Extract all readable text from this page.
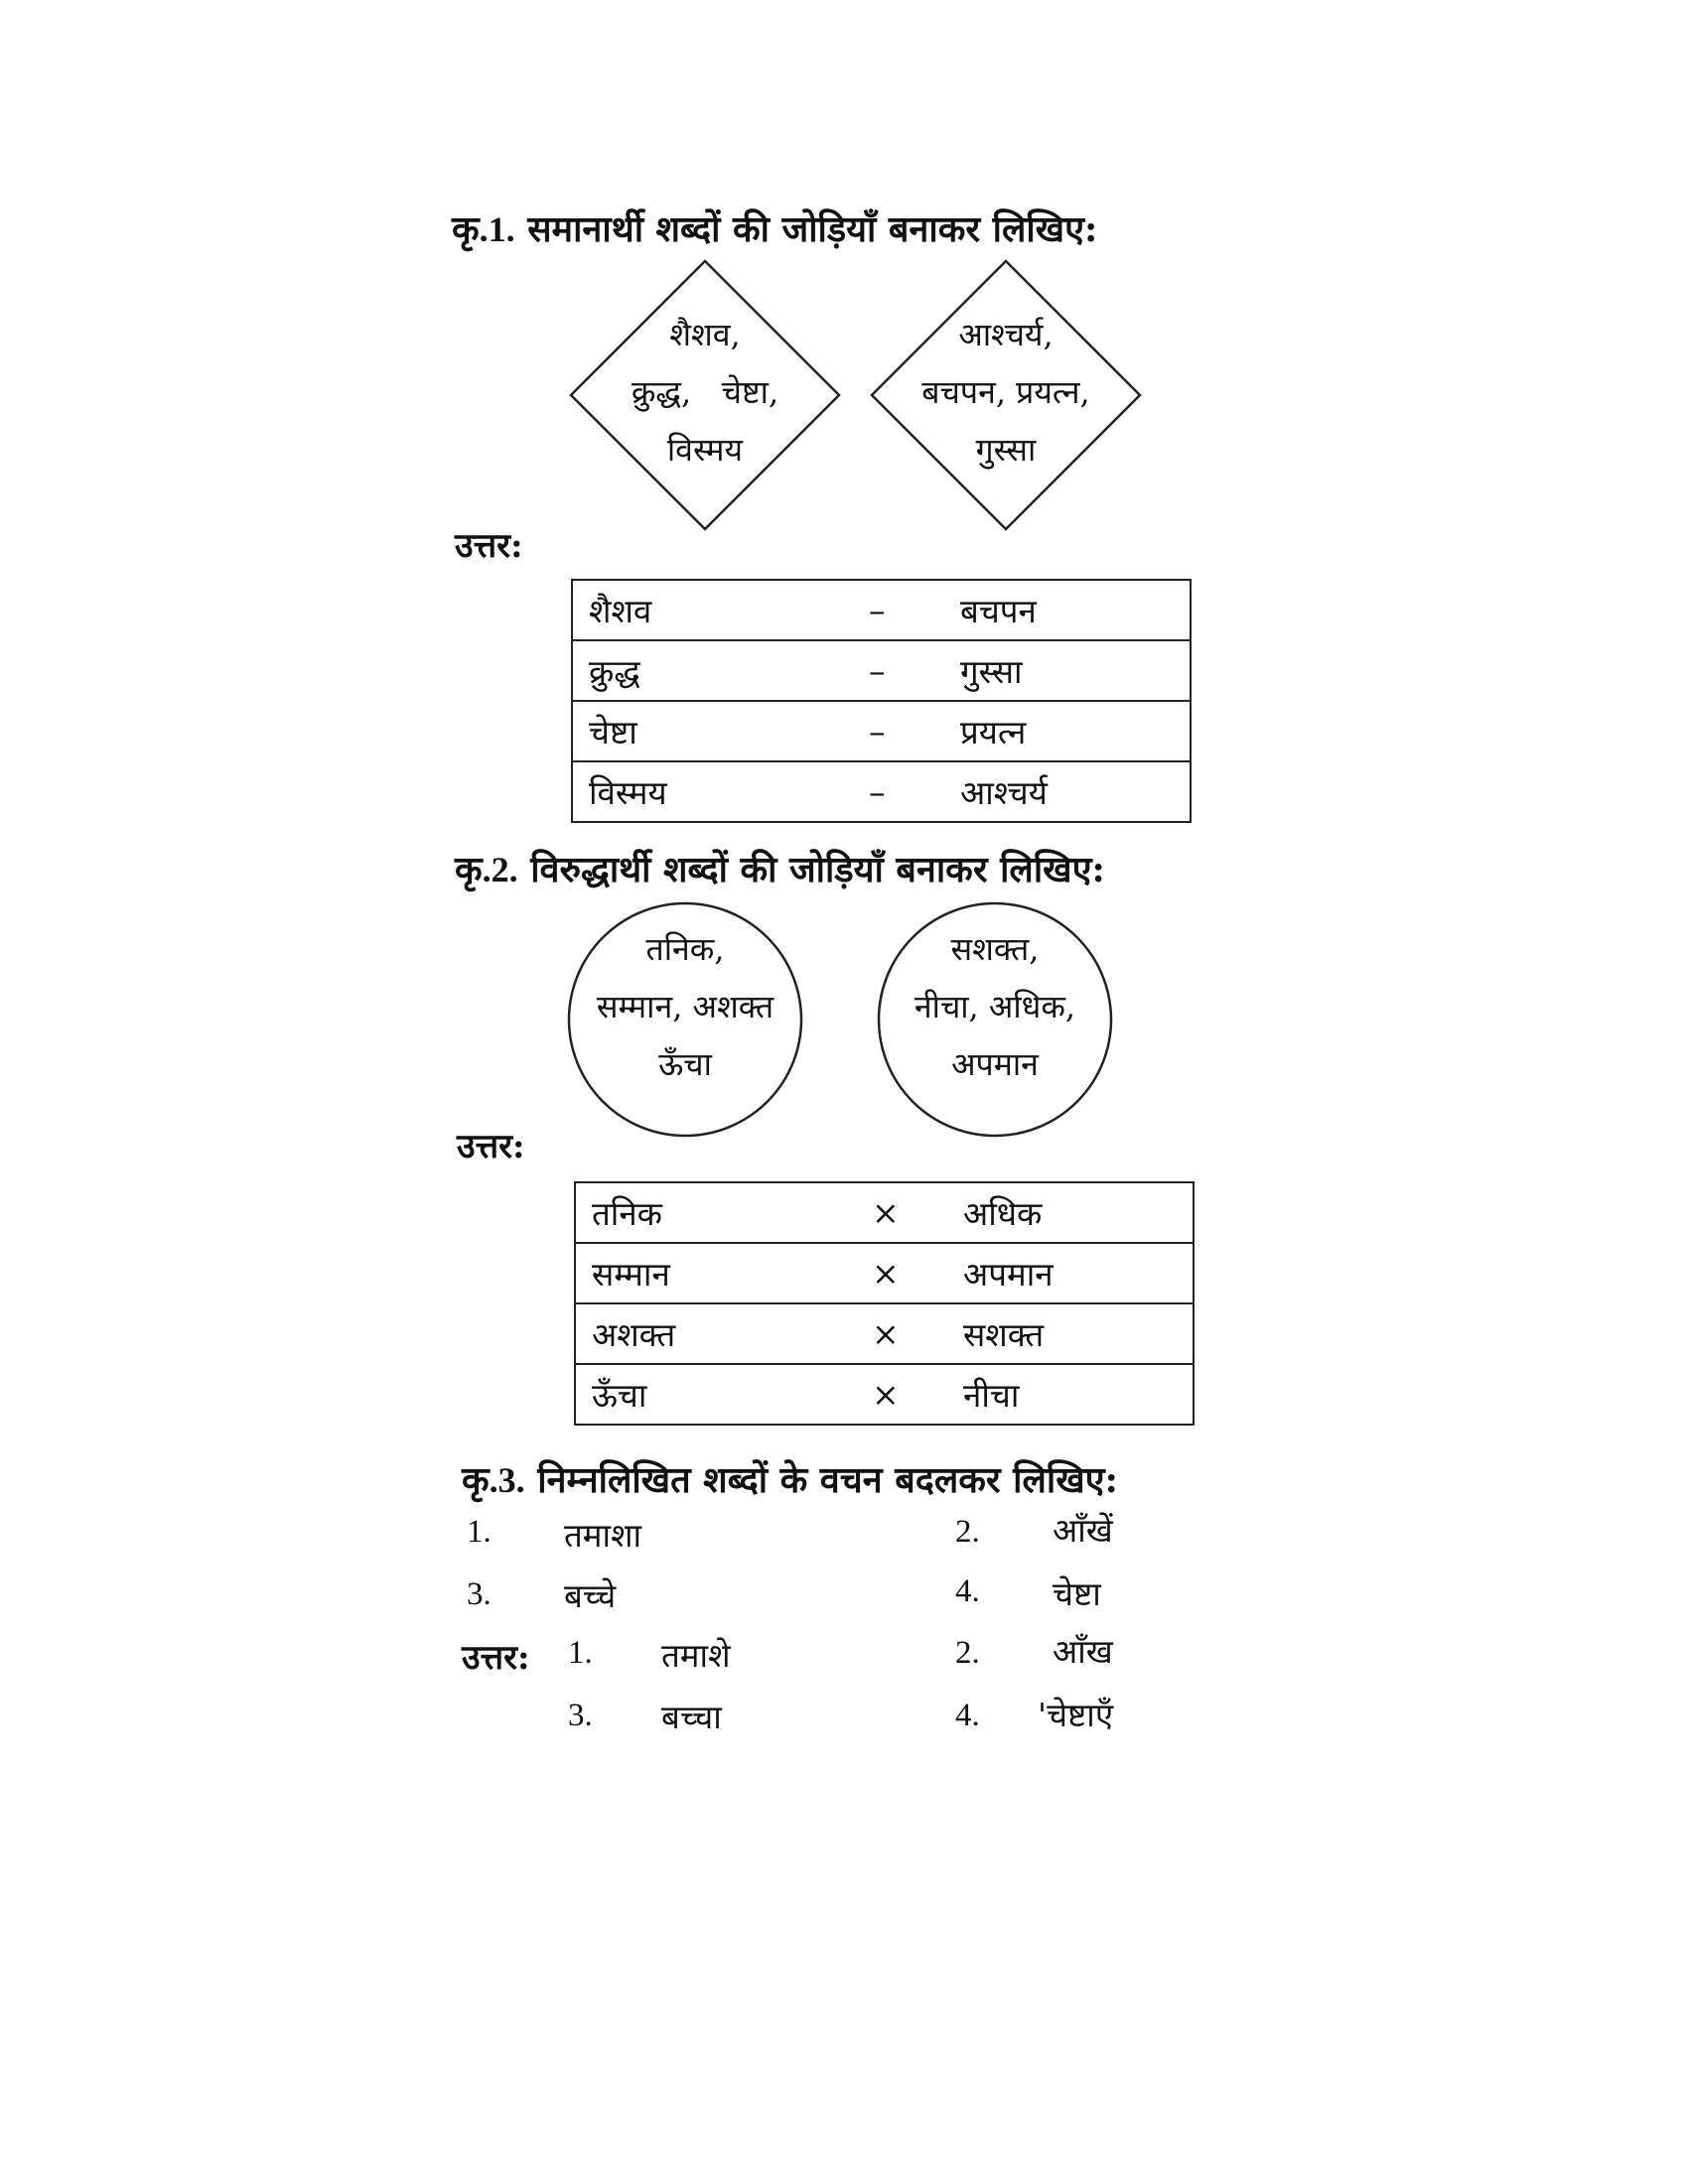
कृ.1. समानार्थी शब्दों की जोड़ियाँ बनाकर लिखिए:
शैशव,
क्रुद्ध,   चेष्टा,
विस्मय
आश्चर्य,
बचपन, प्रयत्न,
गुस्सा
उत्तर:
शैशव	–	बचपन
क्रुद्ध	–	गुस्सा
चेष्टा	–	प्रयत्न
विस्मय	–	आश्चर्य
कृ.2. विरुद्धार्थी शब्दों की जोड़ियाँ बनाकर लिखिए:
तनिक,
सम्मान, अशक्त
ऊँचा
सशक्त,
नीचा, अधिक,
अपमान
उत्तर:
तनिक	×	अधिक
सम्मान	×	अपमान
अशक्त	×	सशक्त
ऊँचा	×	नीचा
कृ.3. निम्नलिखित शब्दों के वचन बदलकर लिखिए:
1. तमाशा	2. आँखें
3. बच्चे	4. चेष्टा
उत्तर: 1. तमाशे	2. आँख
3. बच्चा	4. 'चेष्टाएँ
